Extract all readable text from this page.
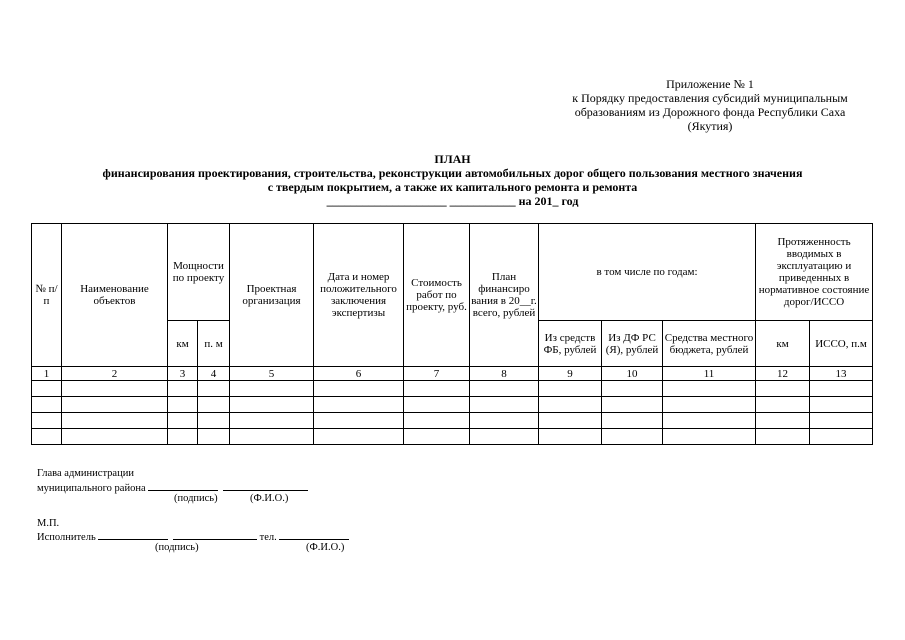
Приложение № 1
к Порядку предоставления субсидий муниципальным
образованиям из Дорожного фонда Республики Саха
(Якутия)
ПЛАН
финансирования проектирования, строительства, реконструкции автомобильных дорог общего пользования местного значения
с твердым покрытием, а также их капитального ремонта и ремонта
____________________ ___________ на 201_ год
№ п/п	Наименование объектов	Мощности по проекту		Проектная организация	Дата и номер положительного заключения экспертизы	Стоимость работ по проекту, руб.	План финансиро вания в 20__г. всего, рублей	в том числе по годам:			Протяженность вводимых в эксплуатацию и приведенных в нормативное состояние дорог/ИССО	
		км	п. м					Из средств ФБ, рублей	Из ДФ РС (Я), рублей	Средства местного бюджета, рублей	км	ИССО, п.м
1	2	3	4	5	6	7	8	9	10	11	12	13

Глава администрации
муниципального района
(подпись)	(Ф.И.О.)
М.П.
Исполнитель	тел.
(подпись)	(Ф.И.О.)
